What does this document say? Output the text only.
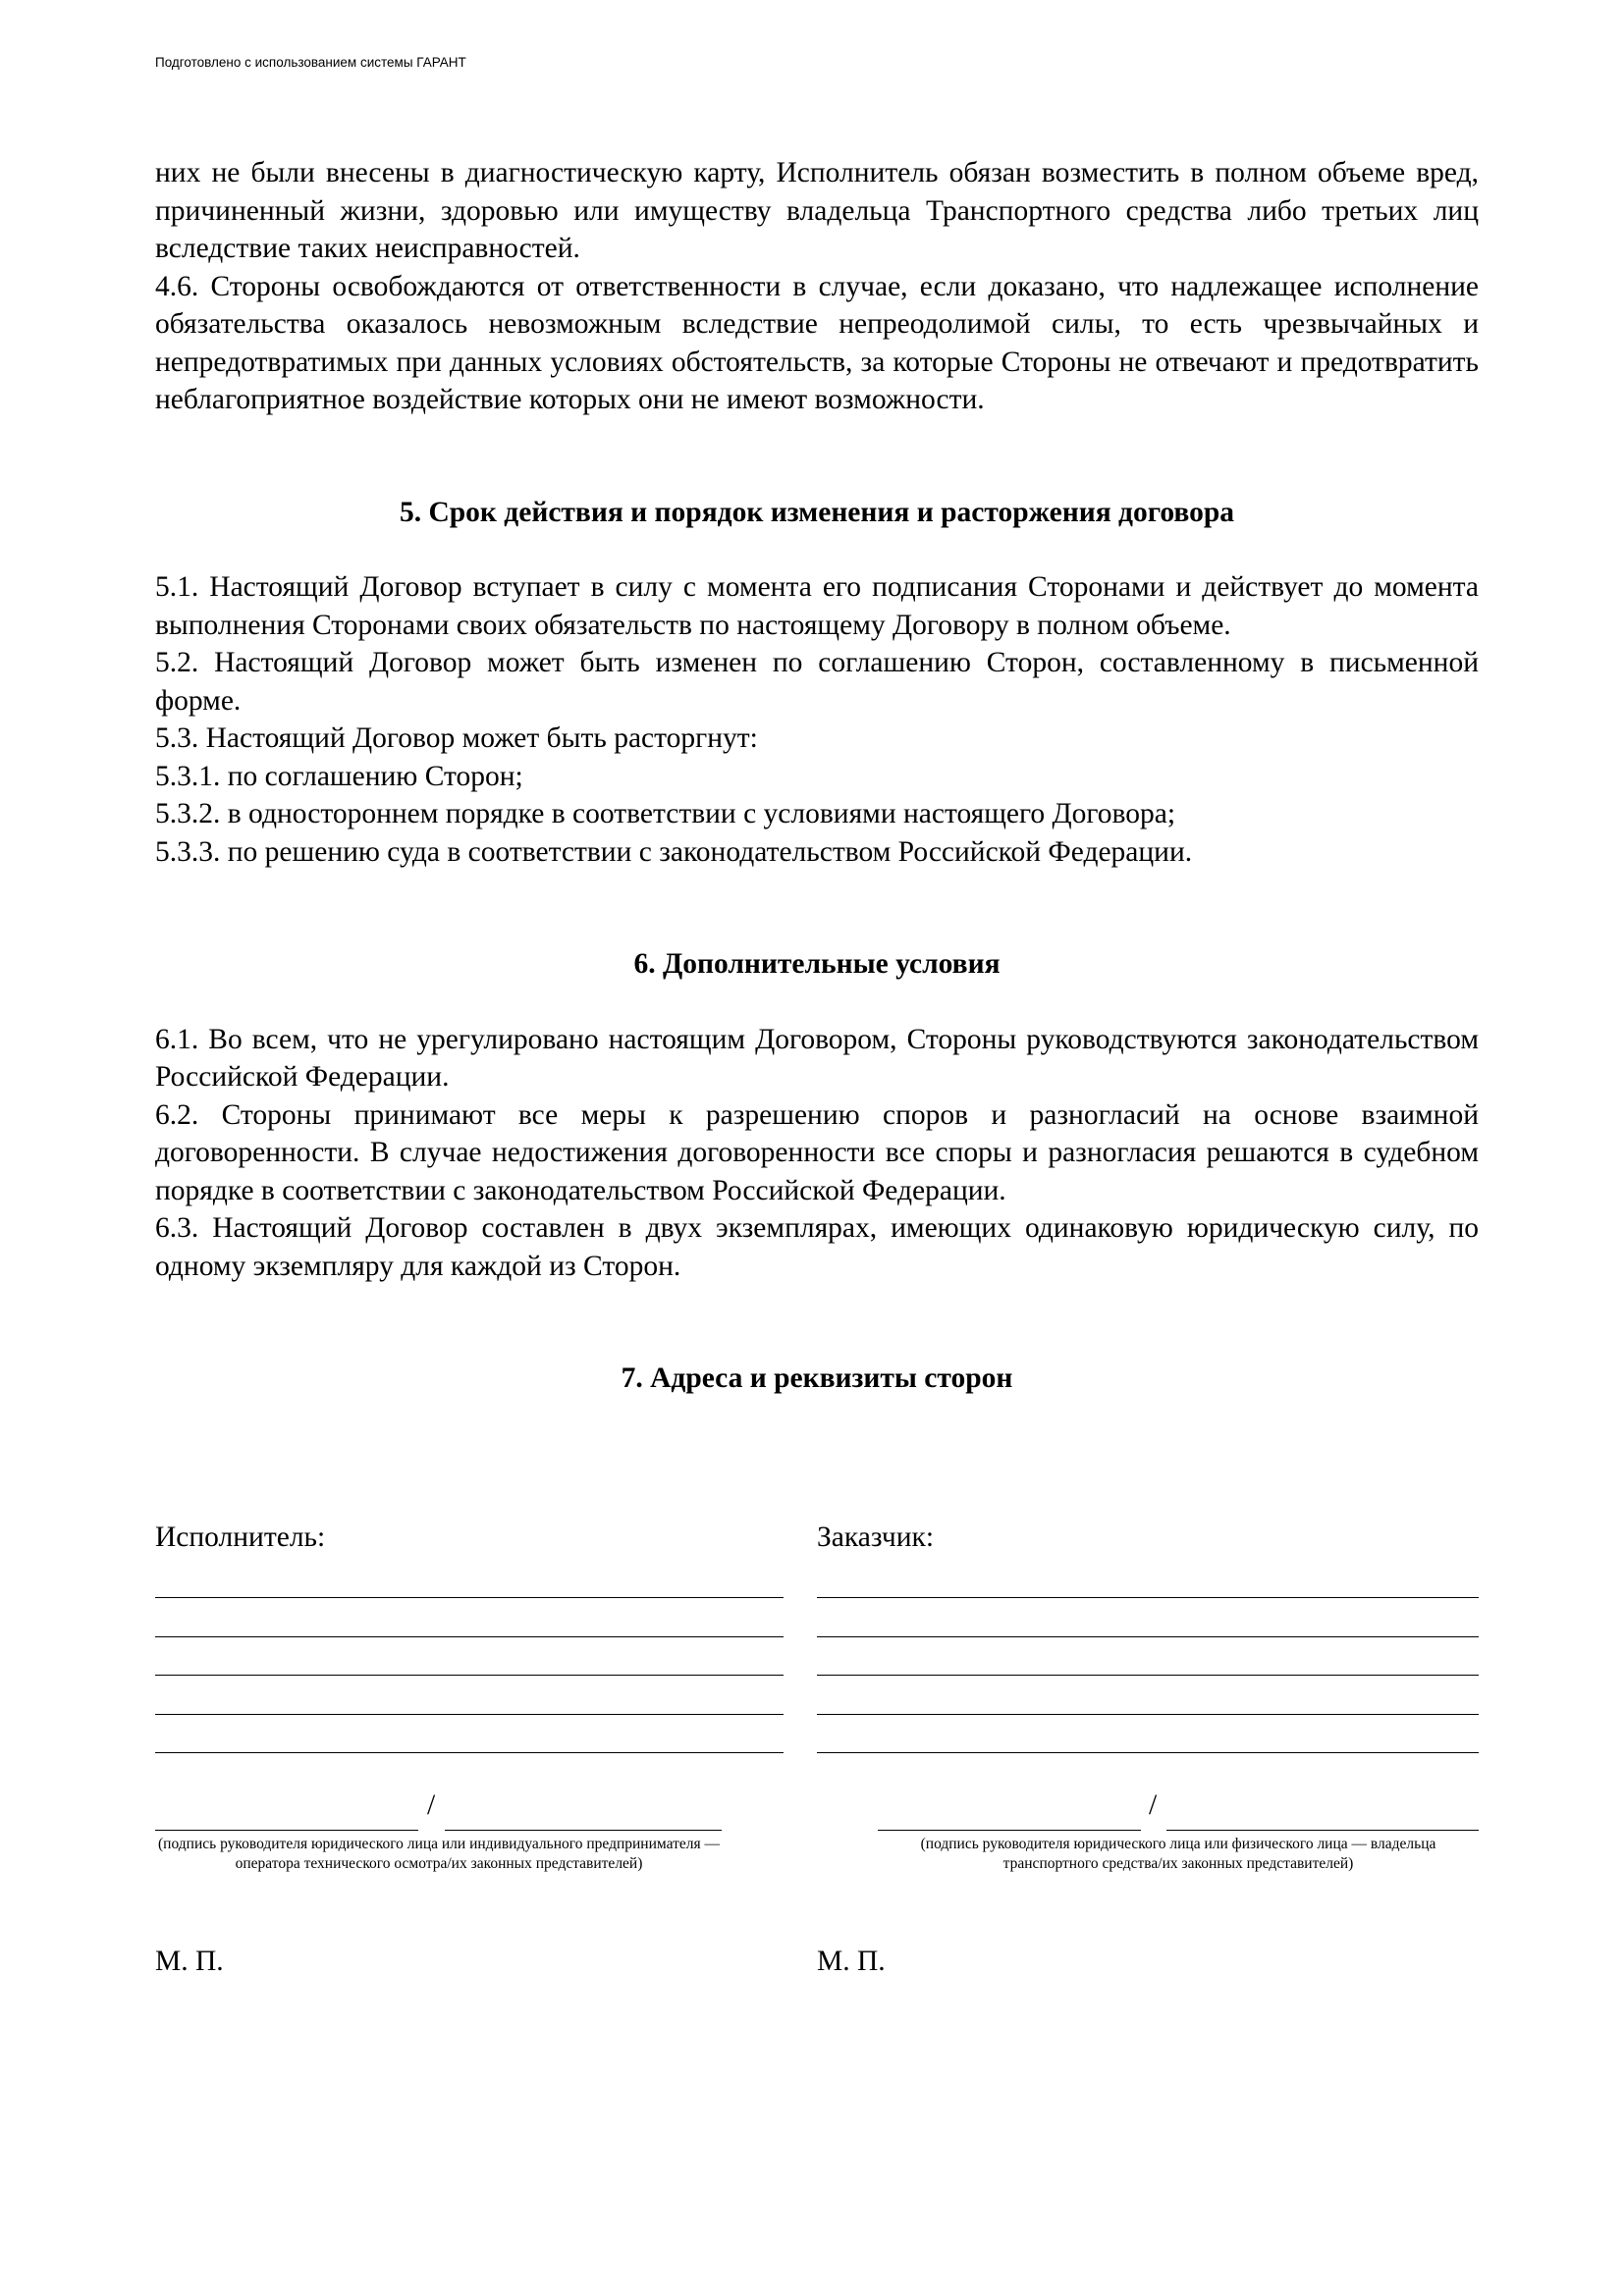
Подготовлено с использованием системы ГАРАНТ

них не были внесены в диагностическую карту, Исполнитель обязан возместить в полном объеме вред, причиненный жизни, здоровью или имуществу владельца Транспортного средства либо третьих лиц вследствие таких неисправностей.

4.6. Стороны освобождаются от ответственности в случае, если доказано, что надлежащее исполнение обязательства оказалось невозможным вследствие непреодолимой силы, то есть чрезвычайных и непредотвратимых при данных условиях обстоятельств, за которые Стороны не отвечают и предотвратить неблагоприятное воздействие которых они не имеют возможности.

5. Срок действия и порядок изменения и расторжения договора

5.1. Настоящий Договор вступает в силу с момента его подписания Сторонами и действует до момента выполнения Сторонами своих обязательств по настоящему Договору в полном объеме.

5.2. Настоящий Договор может быть изменен по соглашению Сторон, составленному в письменной форме.

5.3. Настоящий Договор может быть расторгнут:

5.3.1. по соглашению Сторон;

5.3.2. в одностороннем порядке в соответствии с условиями настоящего Договора;

5.3.3. по решению суда в соответствии с законодательством Российской Федерации.

6. Дополнительные условия

6.1. Во всем, что не урегулировано настоящим Договором, Стороны руководствуются законодательством Российской Федерации.

6.2. Стороны принимают все меры к разрешению споров и разногласий на основе взаимной договоренности. В случае недостижения договоренности все споры и разногласия решаются в судебном порядке в соответствии с законодательством Российской Федерации.

6.3. Настоящий Договор составлен в двух экземплярах, имеющих одинаковую юридическую силу, по одному экземпляру для каждой из Сторон.

7. Адреса и реквизиты сторон

Исполнитель:	Заказчик:
/
(подпись руководителя юридического лица или индивидуального предпринимателя — оператора технического осмотра/их законных представителей)
/
(подпись руководителя юридического лица или физического лица — владельца транспортного средства/их законных представителей)
М. П.	М. П.
